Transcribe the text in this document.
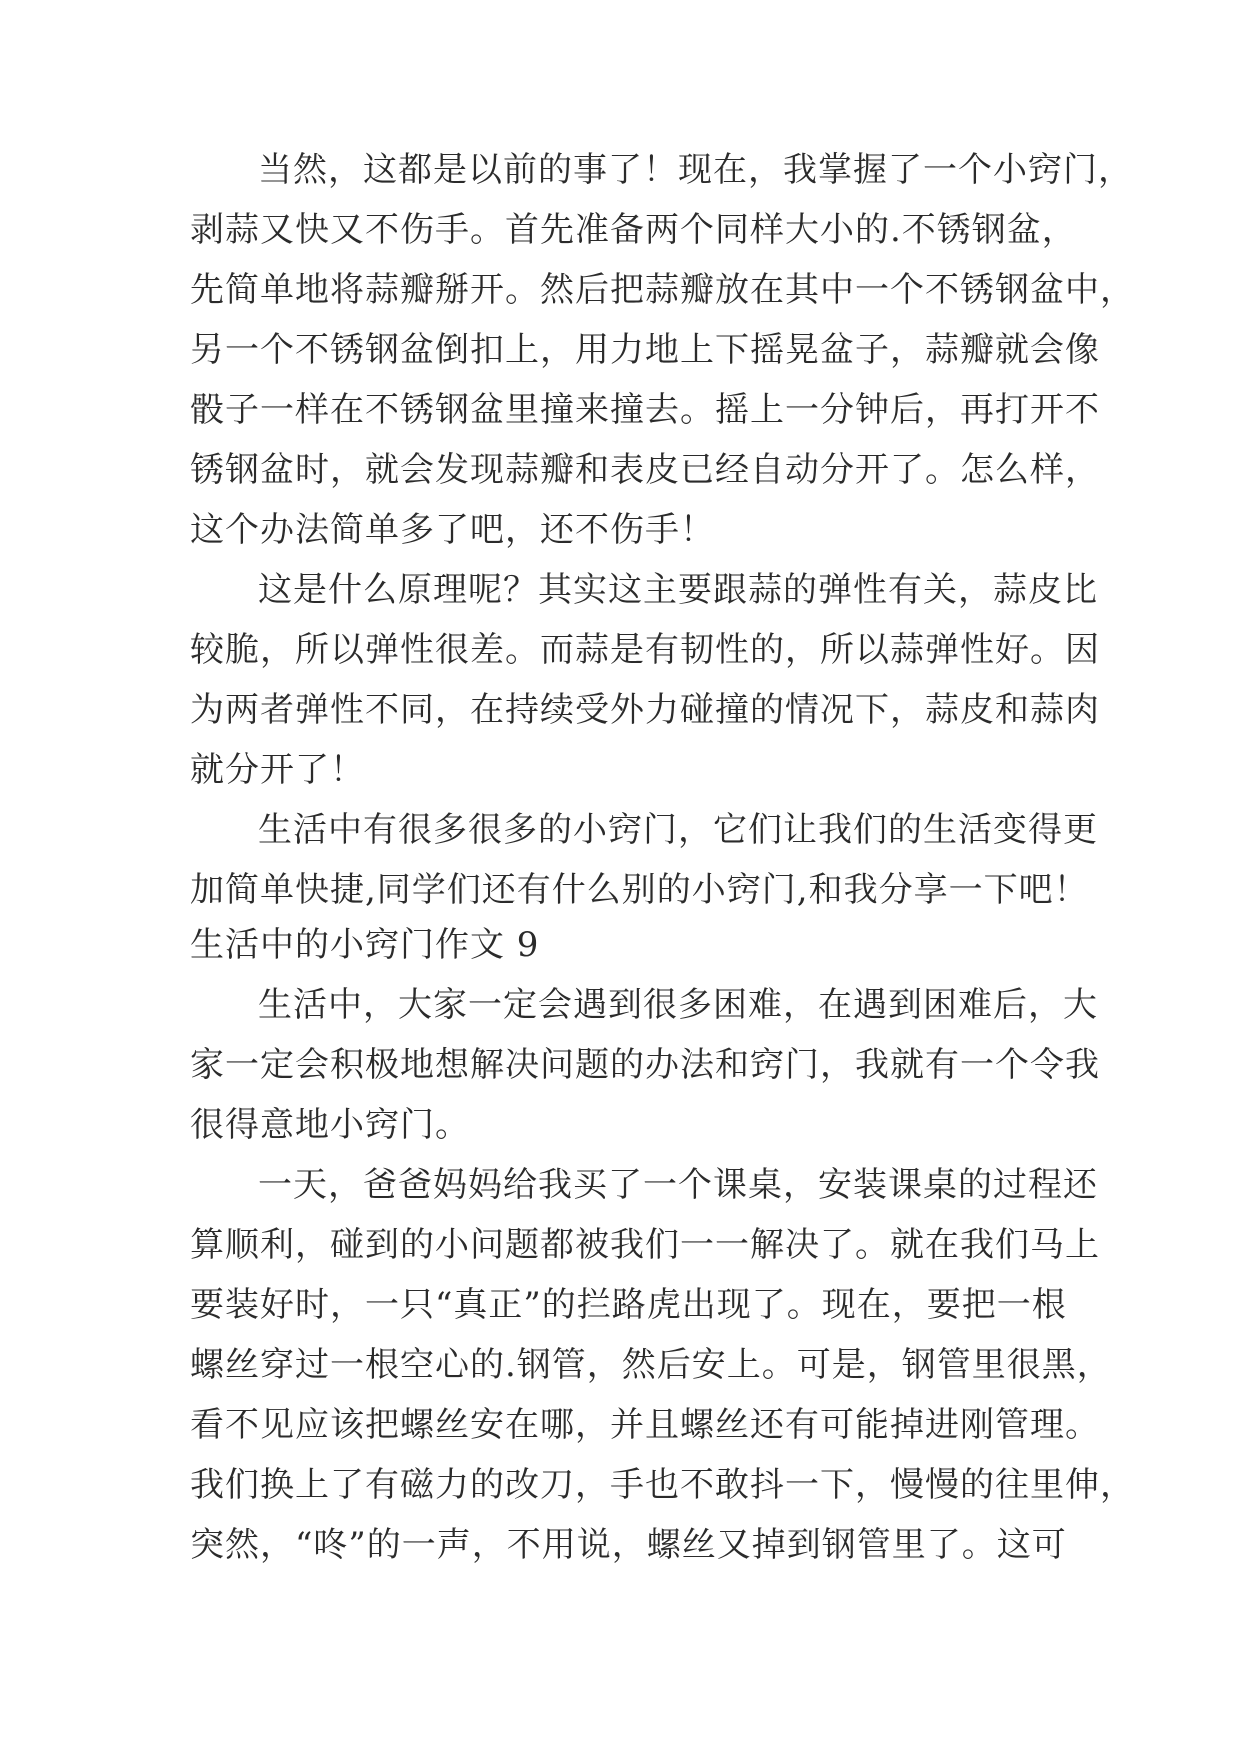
当然，这都是以前的事了！现在，我掌握了一个小窍门，
剥蒜又快又不伤手。首先准备两个同样大小的.不锈钢盆，
先简单地将蒜瓣掰开。然后把蒜瓣放在其中一个不锈钢盆中，
另一个不锈钢盆倒扣上，用力地上下摇晃盆子，蒜瓣就会像
骰子一样在不锈钢盆里撞来撞去。摇上一分钟后，再打开不
锈钢盆时，就会发现蒜瓣和表皮已经自动分开了。怎么样，
这个办法简单多了吧，还不伤手！
这是什么原理呢？其实这主要跟蒜的弹性有关，蒜皮比
较脆，所以弹性很差。而蒜是有韧性的，所以蒜弹性好。因
为两者弹性不同，在持续受外力碰撞的情况下，蒜皮和蒜肉
就分开了！
生活中有很多很多的小窍门，它们让我们的生活变得更
加简单快捷,同学们还有什么别的小窍门,和我分享一下吧！
生活中的小窍门作文 9
生活中，大家一定会遇到很多困难，在遇到困难后，大
家一定会积极地想解决问题的办法和窍门，我就有一个令我
很得意地小窍门。
一天，爸爸妈妈给我买了一个课桌，安装课桌的过程还
算顺利，碰到的小问题都被我们一一解决了。就在我们马上
要装好时，一只“真正”的拦路虎出现了。现在，要把一根
螺丝穿过一根空心的.钢管，然后安上。可是，钢管里很黑，
看不见应该把螺丝安在哪，并且螺丝还有可能掉进刚管理。
我们换上了有磁力的改刀，手也不敢抖一下，慢慢的往里伸，
突然，“咚”的一声，不用说，螺丝又掉到钢管里了。这可
